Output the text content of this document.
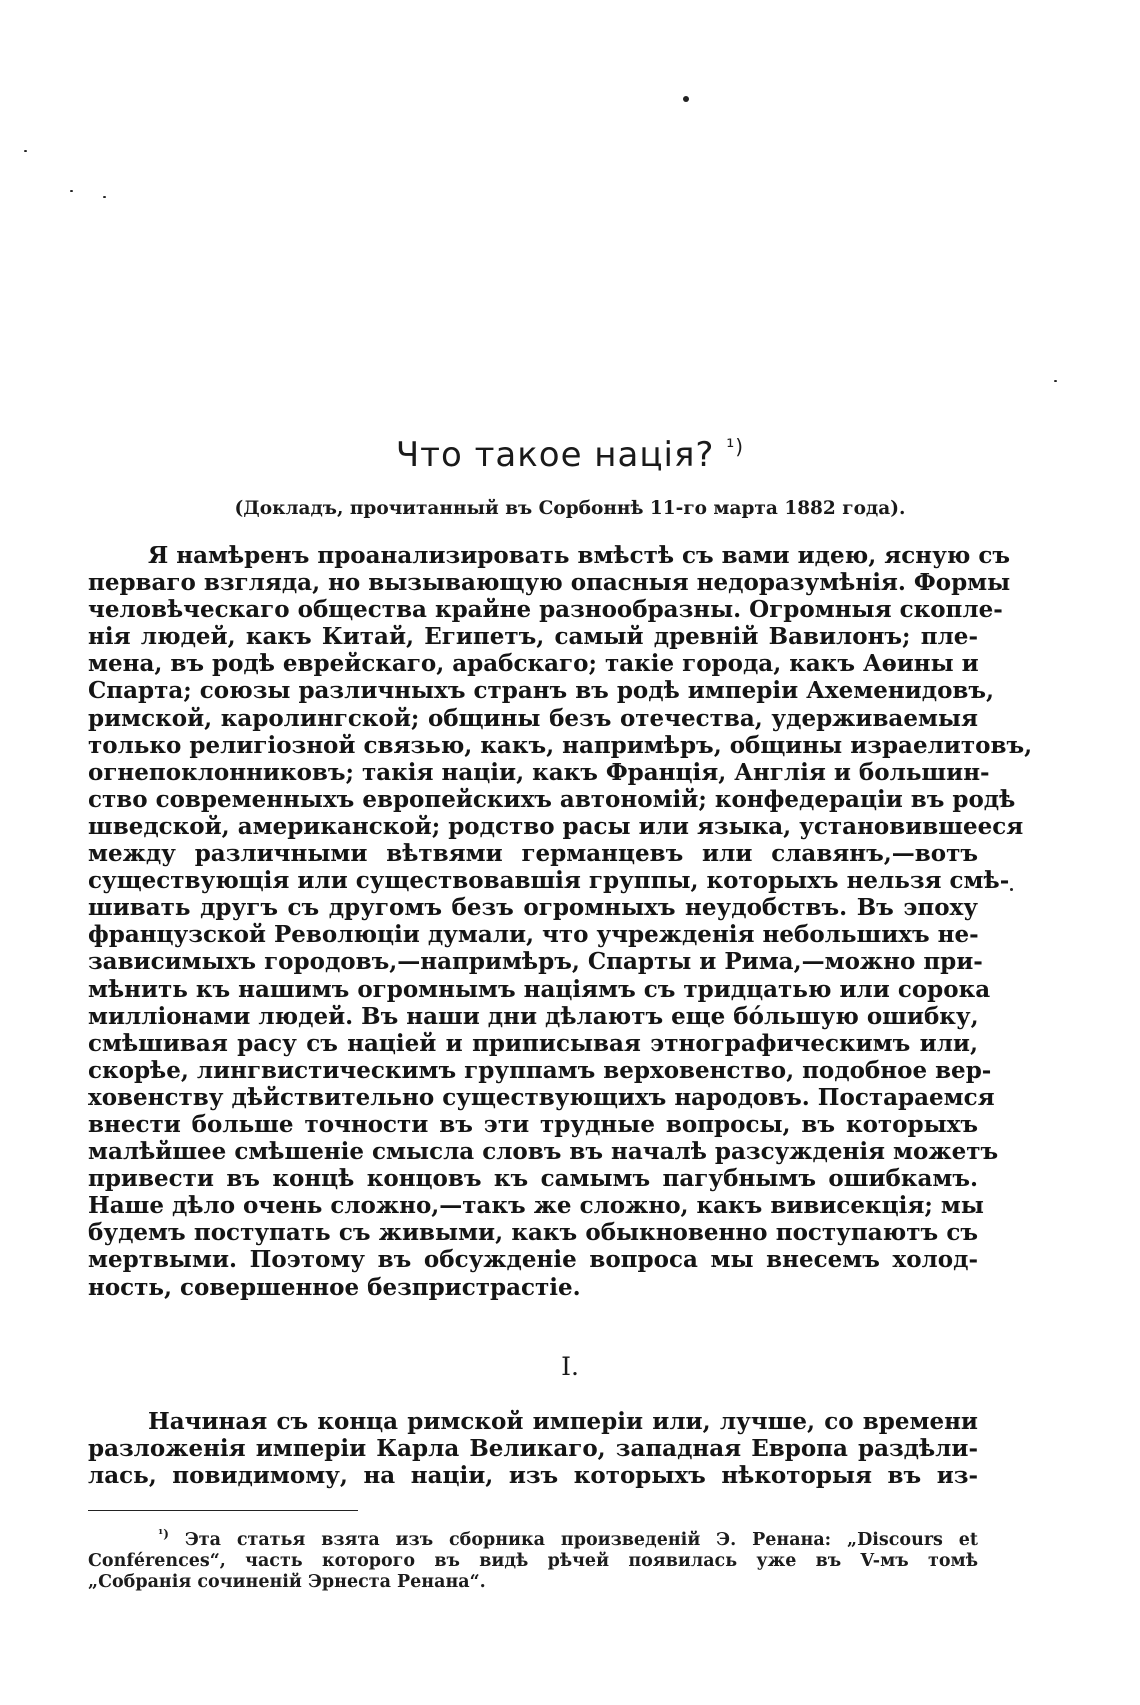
Что такое нація? $^{^1)}$
(Докладъ, прочитанный въ Сорбоннѣ 11-го марта 1882 года).
Я намѣренъ проанализировать вмѣстѣ съ вами идею, ясную съ
перваго взгляда, но вызывающую опасныя недоразумѣнія. Формы
человѣческаго общества крайне разнообразны. Огромныя скопле-
нія людей, какъ Китай, Египетъ, самый древній Вавилонъ; пле-
мена, въ родѣ еврейскаго, арабскаго; такіе города, какъ Аѳины и
Спарта; союзы различныхъ странъ въ родѣ имперіи Ахеменидовъ,
римской, каролингской; общины безъ отечества, удерживаемыя
только религіозной связью, какъ, напримѣръ, общины израелитовъ,
огнепоклонниковъ; такія націи, какъ Франція, Англія и большин-
ство современныхъ европейскихъ автономій; конфедераціи въ родѣ
шведской, американской; родство расы или языка, установившееся
между различными вѣтвями германцевъ или славянъ,—вотъ
существующія или существовавшія группы, которыхъ нельзя смѣ-
шивать другъ съ другомъ безъ огромныхъ неудобствъ. Въ эпоху
французской Революціи думали, что учрежденія небольшихъ не-
зависимыхъ городовъ,—напримѣръ, Спарты и Рима,—можно при-
мѣнить къ нашимъ огромнымъ націямъ съ тридцатью или сорока
милліонами людей. Въ наши дни дѣлаютъ еще бо́льшую ошибку,
смѣшивая расу съ націей и приписывая этнографическимъ или,
скорѣе, лингвистическимъ группамъ верховенство, подобное вер-
ховенству дѣйствительно существующихъ народовъ. Постараемся
внести больше точности въ эти трудные вопросы, въ которыхъ
малѣйшее смѣшеніе смысла словъ въ началѣ разсужденія можетъ
привести въ концѣ концовъ къ самымъ пагубнымъ ошибкамъ.
Наше дѣло очень сложно,—такъ же сложно, какъ вивисекція; мы
будемъ поступать съ живыми, какъ обыкновенно поступаютъ съ
мертвыми. Поэтому въ обсужденіе вопроса мы внесемъ холод-
ность, совершенное безпристрастіе.
I.
Начиная съ конца римской имперіи или, лучше, со времени
разложенія имперіи Карла Великаго, западная Европа раздѣли-
лась, повидимому, на націи, изъ которыхъ нѣкоторыя въ из-
$^{^1)}$ Эта статья взята изъ сборника произведеній Э. Ренана: „Discours et
Conférences“, часть которого въ видѣ рѣчей появилась уже въ V-мъ томѣ
„Собранія сочиненій Эрнеста Ренана“.
